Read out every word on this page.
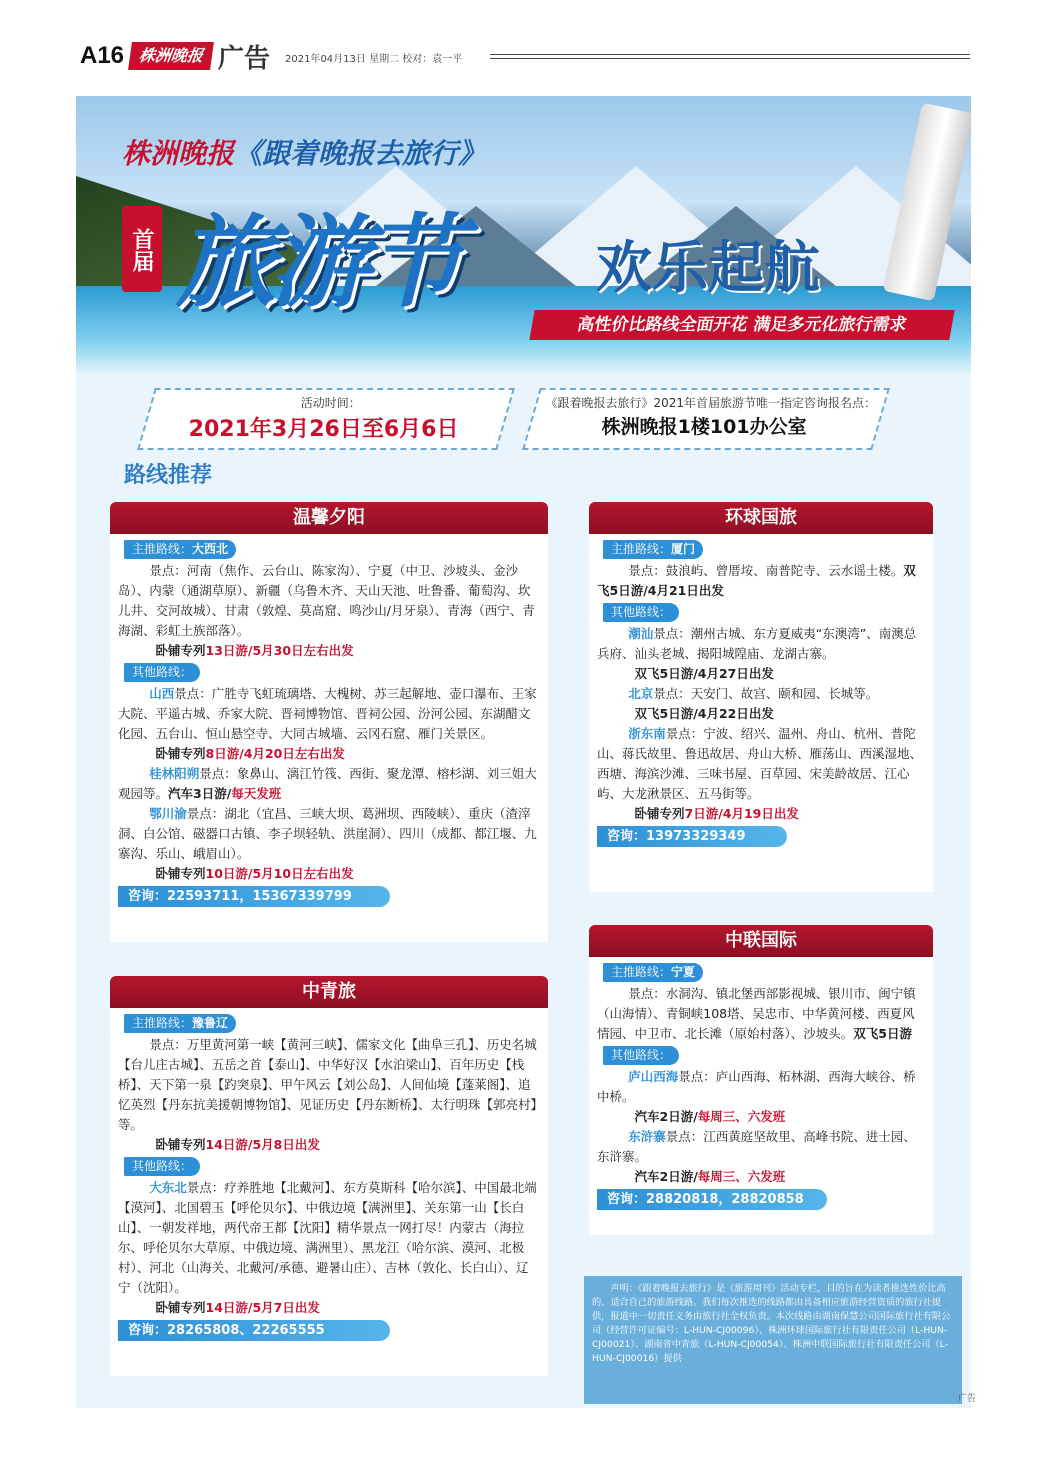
A16 株洲晚报 广告 2021年04月13日 星期二 校对：袁一平
株洲晚报《跟着晚报去旅行》
首届 旅游节 欢乐起航
高性价比路线全面开花 满足多元化旅行需求
活动时间：
2021年3月26日至6月6日
《跟着晚报去旅行》2021年首届旅游节唯一指定咨询报名点：
株洲晚报1楼101办公室
路线推荐
温馨夕阳
主推路线：大西北

景点：河南（焦作、云台山、陈家沟）、宁夏（中卫、沙坡头、金沙岛）、内蒙（通湖草原）、新疆（乌鲁木齐、天山天池、吐鲁番、葡萄沟、坎儿井、交河故城）、甘肃（敦煌、莫高窟、鸣沙山/月牙泉）、青海（西宁、青海湖、彩虹土族部落）。

卧铺专列13日游/5月30日左右出发

其他路线：

山西景点：广胜寺飞虹琉璃塔、大槐树、苏三起解地、壶口瀑布、王家大院、平遥古城、乔家大院、晋祠博物馆、晋祠公园、汾河公园、东湖醋文化园、五台山、恒山悬空寺、大同古城墙、云冈石窟、雁门关景区。

卧铺专列8日游/4月20日左右出发

桂林阳朔景点：象鼻山、漓江竹筏、西街、聚龙潭、榕杉湖、刘三姐大观园等。汽车3日游/每天发班

鄂川渝景点：湖北（宜昌、三峡大坝、葛洲坝、西陵峡）、重庆（渣滓洞、白公馆、磁器口古镇、李子坝轻轨、洪崖洞）、四川（成都、都江堰、九寨沟、乐山、峨眉山）。

卧铺专列10日游/5月10日左右出发

咨询：22593711，15367339799
中青旅
主推路线：豫鲁辽

景点：万里黄河第一峡【黄河三峡】、儒家文化【曲阜三孔】、历史名城【台儿庄古城】、五岳之首【泰山】、中华好汉【水泊梁山】、百年历史【栈桥】、天下第一泉【趵突泉】、甲午风云【刘公岛】、人间仙境【蓬莱阁】、追忆英烈【丹东抗美援朝博物馆】、见证历史【丹东断桥】、太行明珠【郭亮村】等。

卧铺专列14日游/5月8日出发

其他路线：

大东北景点：疗养胜地【北戴河】、东方莫斯科【哈尔滨】、中国最北端【漠河】、北国碧玉【呼伦贝尔】、中俄边境【满洲里】、关东第一山【长白山】、一朝发祥地，两代帝王都【沈阳】精华景点一网打尽！内蒙古（海拉尔、呼伦贝尔大草原、中俄边境、满洲里）、黑龙江（哈尔滨、漠河、北极村）、河北（山海关、北戴河/承德、避暑山庄）、吉林（敦化、长白山）、辽宁（沈阳）。

卧铺专列14日游/5月7日出发

咨询：28265808、22265555
环球国旅
主推路线：厦门

景点：鼓浪屿、曾厝垵、南普陀寺、云水谣土楼。双飞5日游/4月21日出发

其他路线：

潮汕景点：潮州古城、东方夏威夷“东澳湾”、南澳总兵府、汕头老城、揭阳城隍庙、龙湖古寨。

双飞5日游/4月27日出发

北京景点：天安门、故宫、颐和园、长城等。

双飞5日游/4月22日出发

浙东南景点：宁波、绍兴、温州、舟山、杭州、普陀山、蒋氏故里、鲁迅故居、舟山大桥、雁荡山、西溪湿地、西塘、海滨沙滩、三味书屋、百草园、宋美龄故居、江心屿、大龙湫景区、五马街等。

卧铺专列7日游/4月19日出发

咨询：13973329349
中联国际
主推路线：宁夏

景点：水洞沟、镇北堡西部影视城、银川市、闽宁镇（山海情）、青铜峡108塔、吴忠市、中华黄河楼、西夏风情园、中卫市、北长滩（原始村落）、沙坡头。双飞5日游

其他路线：

庐山西海景点：庐山西海、柘林湖、西海大峡谷、桥中桥。

汽车2日游/每周三、六发班

东浒寨景点：江西黄庭坚故里、高峰书院、进士园、东浒寨。

汽车2日游/每周三、六发班

咨询：28820818，28820858
声明：《跟着晚报去旅行》是《旅游周刊》活动专栏，目的旨在为读者推选性价比高的、适合自己的旅游线路。我们每次推选的线路都由具备相应旅游经营资质的旅行社提供，报道中一切责任义务由旅行社全权负责。本次线路由湖南保慧公司国际旅行社有限公司（经营许可证编号：L-HUN-CJ00096）、株洲环球国际旅行社有限责任公司（L-HUN-CJ00021）、湖南省中青旅（L-HUN-CJ00054）、株洲中联国际旅行社有限责任公司（L-HUN-CJ00016）提供
广告
